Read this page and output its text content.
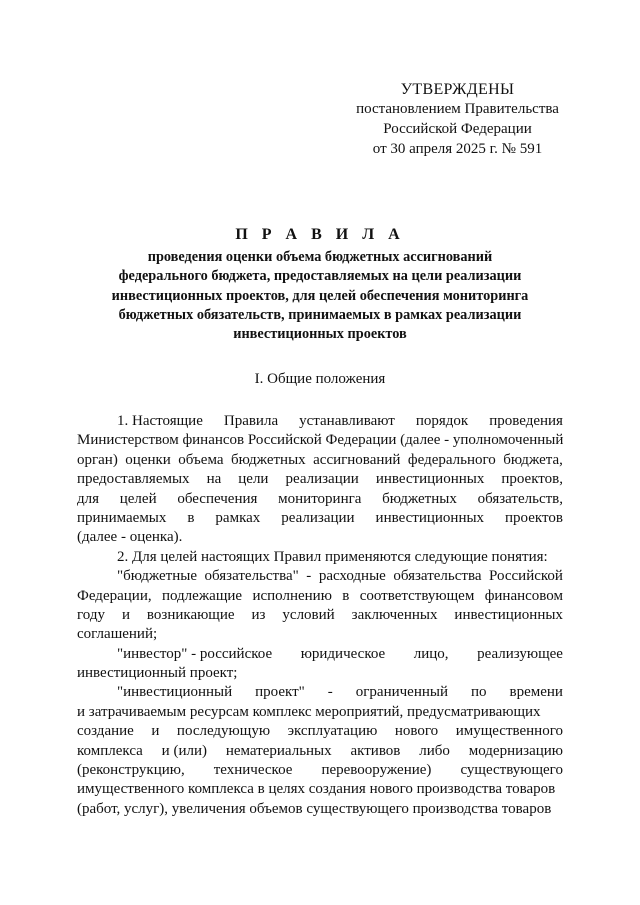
УТВЕРЖДЕНЫ
постановлением Правительства
Российской Федерации
от 30 апреля 2025 г. № 591
П Р А В И Л А
проведения оценки объема бюджетных ассигнований
федерального бюджета, предоставляемых на цели реализации
инвестиционных проектов, для целей обеспечения мониторинга
бюджетных обязательств, принимаемых в рамках реализации
инвестиционных проектов
I. Общие положения
1. Настоящие Правила устанавливают порядок проведения
Министерством финансов Российской Федерации (далее - уполномоченный
орган) оценки объема бюджетных ассигнований федерального бюджета,
предоставляемых на цели реализации инвестиционных проектов,
для целей обеспечения мониторинга бюджетных обязательств,
принимаемых в рамках реализации инвестиционных проектов
(далее - оценка).
2. Для целей настоящих Правил применяются следующие понятия:
"бюджетные обязательства" - расходные обязательства Российской
Федерации, подлежащие исполнению в соответствующем финансовом
году и возникающие из условий заключенных инвестиционных
соглашений;
"инвестор" - российское юридическое лицо, реализующее
инвестиционный проект;
"инвестиционный проект" - ограниченный по времени
и затрачиваемым ресурсам комплекс мероприятий, предусматривающих
создание и последующую эксплуатацию нового имущественного
комплекса и (или) нематериальных активов либо модернизацию
(реконструкцию, техническое перевооружение) существующего
имущественного комплекса в целях создания нового производства товаров
(работ, услуг), увеличения объемов существующего производства товаров
